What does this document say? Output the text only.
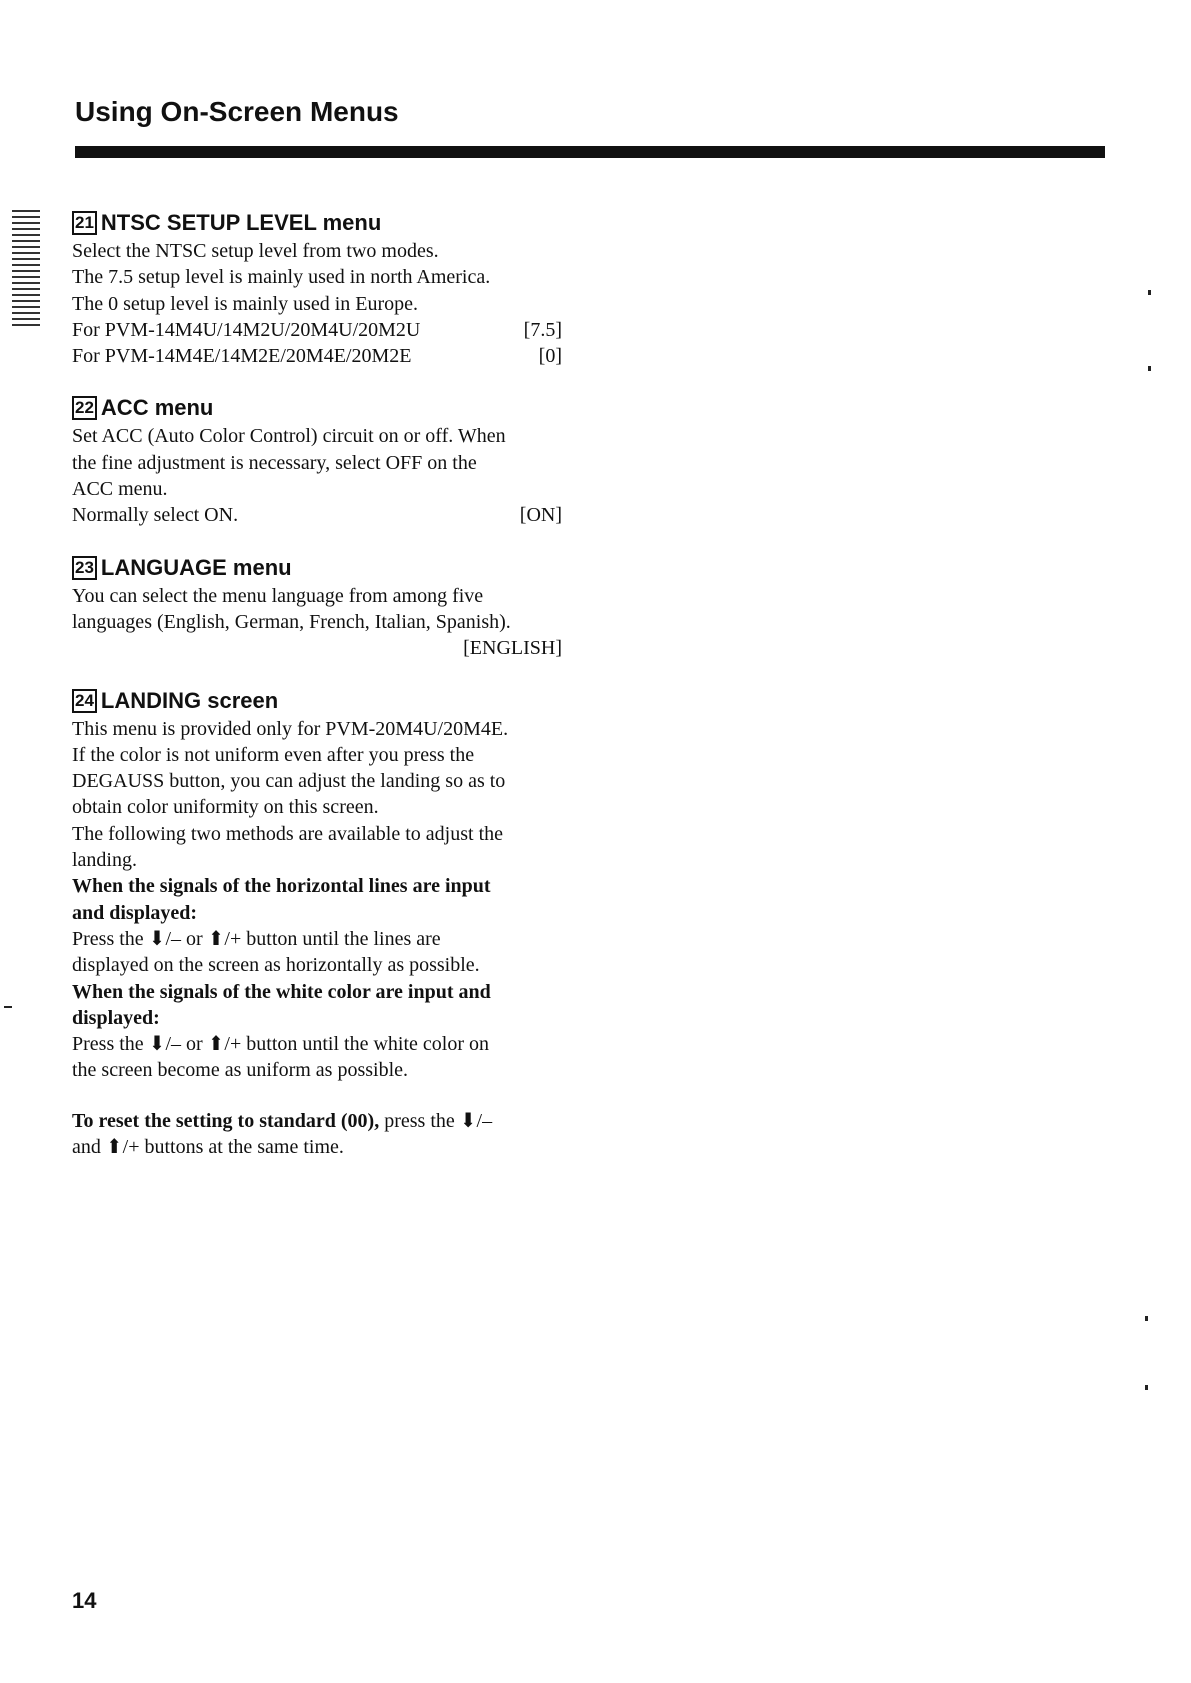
Using On-Screen Menus
21 NTSC SETUP LEVEL menu

Select the NTSC setup level from two modes.

The 7.5 setup level is mainly used in north America.

The 0 setup level is mainly used in Europe.

For PVM-14M4U/14M2U/20M4U/20M2U	[7.5]
For PVM-14M4E/14M2E/20M4E/20M2E	[0]
22 ACC menu

Set ACC (Auto Color Control) circuit on or off. When

the fine adjustment is necessary, select OFF on the

ACC menu.

Normally select ON.	[ON]
23 LANGUAGE menu

You can select the menu language from among five

languages (English, German, French, Italian, Spanish).

[ENGLISH]
24 LANDING screen

This menu is provided only for PVM-20M4U/20M4E.

If the color is not uniform even after you press the

DEGAUSS button, you can adjust the landing so as to

obtain color uniformity on this screen.

The following two methods are available to adjust the

landing.

When the signals of the horizontal lines are input

and displayed:

Press the ⬇/– or ⬆/+ button until the lines are

displayed on the screen as horizontally as possible.

When the signals of the white color are input and

displayed:

Press the ⬇/– or ⬆/+ button until the white color on

the screen become as uniform as possible.

To reset the setting to standard (00), press the ⬇/–

and ⬆/+ buttons at the same time.

14
